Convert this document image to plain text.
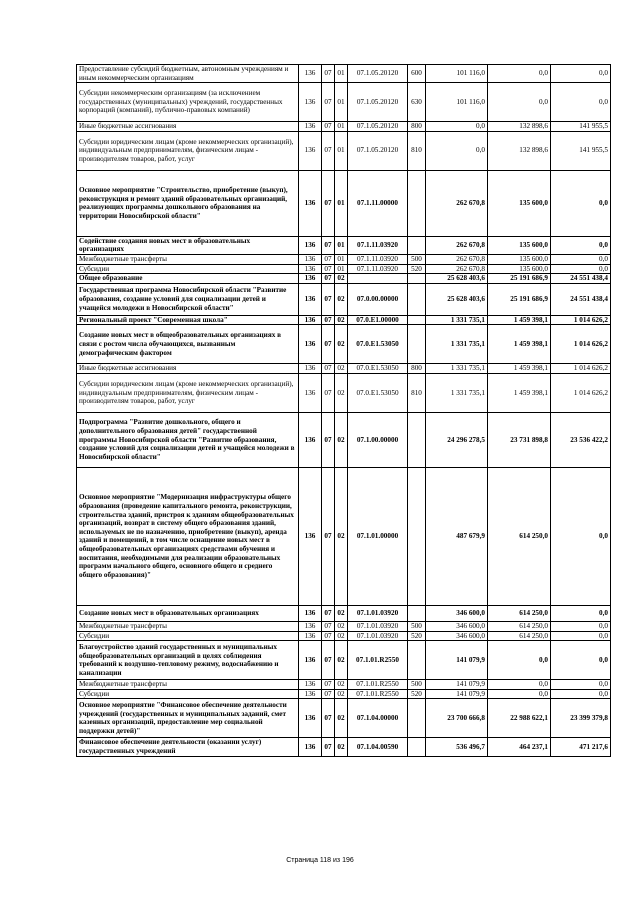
Предоставление субсидий бюджетным, автономным учреждениям и иным некоммерческим организациям	136	07	01	07.1.05.20120	600	101 116,0	0,0	0,0
Субсидии некоммерческим организациям (за исключением государственных (муниципальных) учреждений, государственных корпораций (компаний), публично-правовых компаний)	136	07	01	07.1.05.20120	630	101 116,0	0,0	0,0
Иные бюджетные ассигнования	136	07	01	07.1.05.20120	800	0,0	132 898,6	141 955,5
Субсидии юридическим лицам (кроме некоммерческих организаций), индивидуальным предпринимателям, физическим лицам - производителям товаров, работ, услуг	136	07	01	07.1.05.20120	810	0,0	132 898,6	141 955,5
Основное мероприятие "Строительство, приобретение (выкуп), реконструкция и ремонт зданий образовательных организаций, реализующих программы дошкольного образования на территории Новосибирской области"	136	07	01	07.1.11.00000		262 670,8	135 600,0	0,0
Содействие создания новых мест в образовательных организациях	136	07	01	07.1.11.03920		262 670,8	135 600,0	0,0
Межбюджетные трансферты	136	07	01	07.1.11.03920	500	262 670,8	135 600,0	0,0
Субсидии	136	07	01	07.1.11.03920	520	262 670,8	135 600,0	0,0
Общее образование	136	07	02			25 628 403,6	25 191 686,9	24 551 438,4
Государственная программа Новосибирской области "Развитие образования, создание условий для социализации детей и учащейся молодежи в Новосибирской области"	136	07	02	07.0.00.00000		25 628 403,6	25 191 686,9	24 551 438,4
Региональный проект "Современная школа"	136	07	02	07.0.E1.00000		1 331 735,1	1 459 398,1	1 014 626,2
Создание новых мест в общеобразовательных организациях в связи с ростом числа обучающихся, вызванным демографическим фактором	136	07	02	07.0.E1.53050		1 331 735,1	1 459 398,1	1 014 626,2
Иные бюджетные ассигнования	136	07	02	07.0.E1.53050	800	1 331 735,1	1 459 398,1	1 014 626,2
Субсидии юридическим лицам (кроме некоммерческих организаций), индивидуальным предпринимателям, физическим лицам - производителям товаров, работ, услуг	136	07	02	07.0.E1.53050	810	1 331 735,1	1 459 398,1	1 014 626,2
Подпрограмма "Развитие дошкольного, общего и дополнительного образования детей" государственной программы Новосибирской области "Развитие образования, создание условий для социализации детей и учащейся молодежи в Новосибирской области"	136	07	02	07.1.00.00000		24 296 278,5	23 731 898,8	23 536 422,2
Основное мероприятие "Модернизация инфраструктуры общего образования (проведение капитального ремонта, реконструкции, строительства зданий, пристроя к зданиям общеобразовательных организаций, возврат в систему общего образования зданий, используемых не по назначению, приобретение (выкуп), аренда зданий и помещений, в том числе оснащение новых мест в общеобразовательных организациях средствами обучения и воспитания, необходимыми для реализации образовательных программ начального общего, основного общего и среднего общего образования)"	136	07	02	07.1.01.00000		487 679,9	614 250,0	0,0
Создание новых мест в образовательных организациях	136	07	02	07.1.01.03920		346 600,0	614 250,0	0,0
Межбюджетные трансферты	136	07	02	07.1.01.03920	500	346 600,0	614 250,0	0,0
Субсидии	136	07	02	07.1.01.03920	520	346 600,0	614 250,0	0,0
Благоустройство зданий государственных и муниципальных общеобразовательных организаций в целях соблюдения требований к воздушно-тепловому режиму, водоснабжению и канализации	136	07	02	07.1.01.R2550		141 079,9	0,0	0,0
Межбюджетные трансферты	136	07	02	07.1.01.R2550	500	141 079,9	0,0	0,0
Субсидии	136	07	02	07.1.01.R2550	520	141 079,9	0,0	0,0
Основное мероприятие "Финансовое обеспечение деятельности учреждений (государственных и муниципальных заданий, смет казенных организаций, предоставление мер социальной поддержки детей)"	136	07	02	07.1.04.00000		23 700 666,8	22 988 622,1	23 399 379,8
Финансовое обеспечение деятельности (оказании услуг) государственных учреждений	136	07	02	07.1.04.00590		536 496,7	464 237,1	471 217,6
Страница 118 из 196
